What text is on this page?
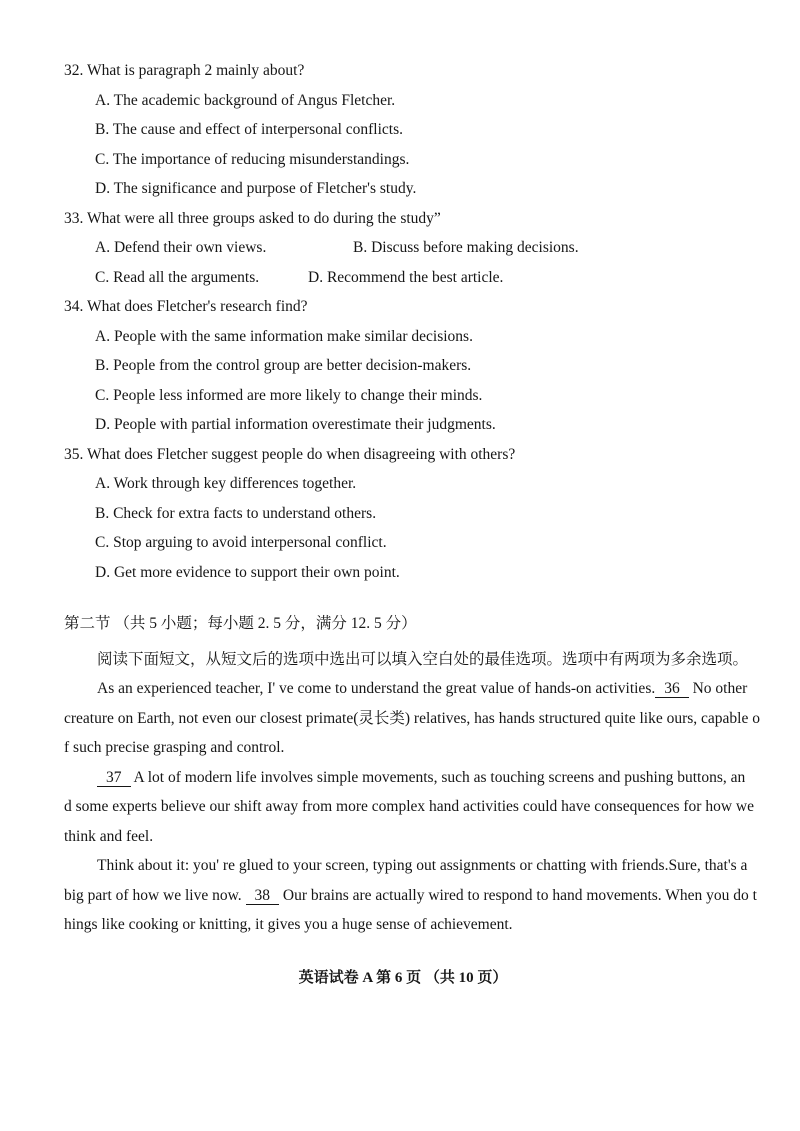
32. What is paragraph 2 mainly about?
A. The academic background of Angus Fletcher.
B. The cause and effect of interpersonal conflicts.
C. The importance of reducing misunderstandings.
D. The significance and purpose of Fletcher's study.
33. What were all three groups asked to do during the study”
A. Defend their own views.	B. Discuss before making decisions.
C. Read all the arguments.	D. Recommend the best article.
34. What does Fletcher's research find?
A. People with the same information make similar decisions.
B. People from the control group are better decision-makers.
C. People less informed are more likely to change their minds.
D. People with partial information overestimate their judgments.
35. What does Fletcher suggest people do when disagreeing with others?
A. Work through key differences together.
B. Check for extra facts to understand others.
C. Stop arguing to avoid interpersonal conflict.
D. Get more evidence to support their own point.
第二节 （共 5 小题；每小题 2. 5 分，满分 12. 5 分）
阅读下面短文，从短文后的选项中选出可以填入空白处的最佳选项。选项中有两项为多余选项。
As an experienced teacher, I' ve come to understand the great value of hands-on activities. 36 No other
creature on Earth, not even our closest primate(灵长类) relatives, has hands structured quite like ours, capable o
f such precise grasping and control.
37 A lot of modern life involves simple movements, such as touching screens and pushing buttons, an
d some experts believe our shift away from more complex hand activities could have consequences for how we
think and feel.
Think about it: you' re glued to your screen, typing out assignments or chatting with friends.Sure, that's a
big part of how we live now. 38 Our brains are actually wired to respond to hand movements. When you do t
hings like cooking or knitting, it gives you a huge sense of achievement.
英语试卷 A 第 6 页 （共 10 页）
